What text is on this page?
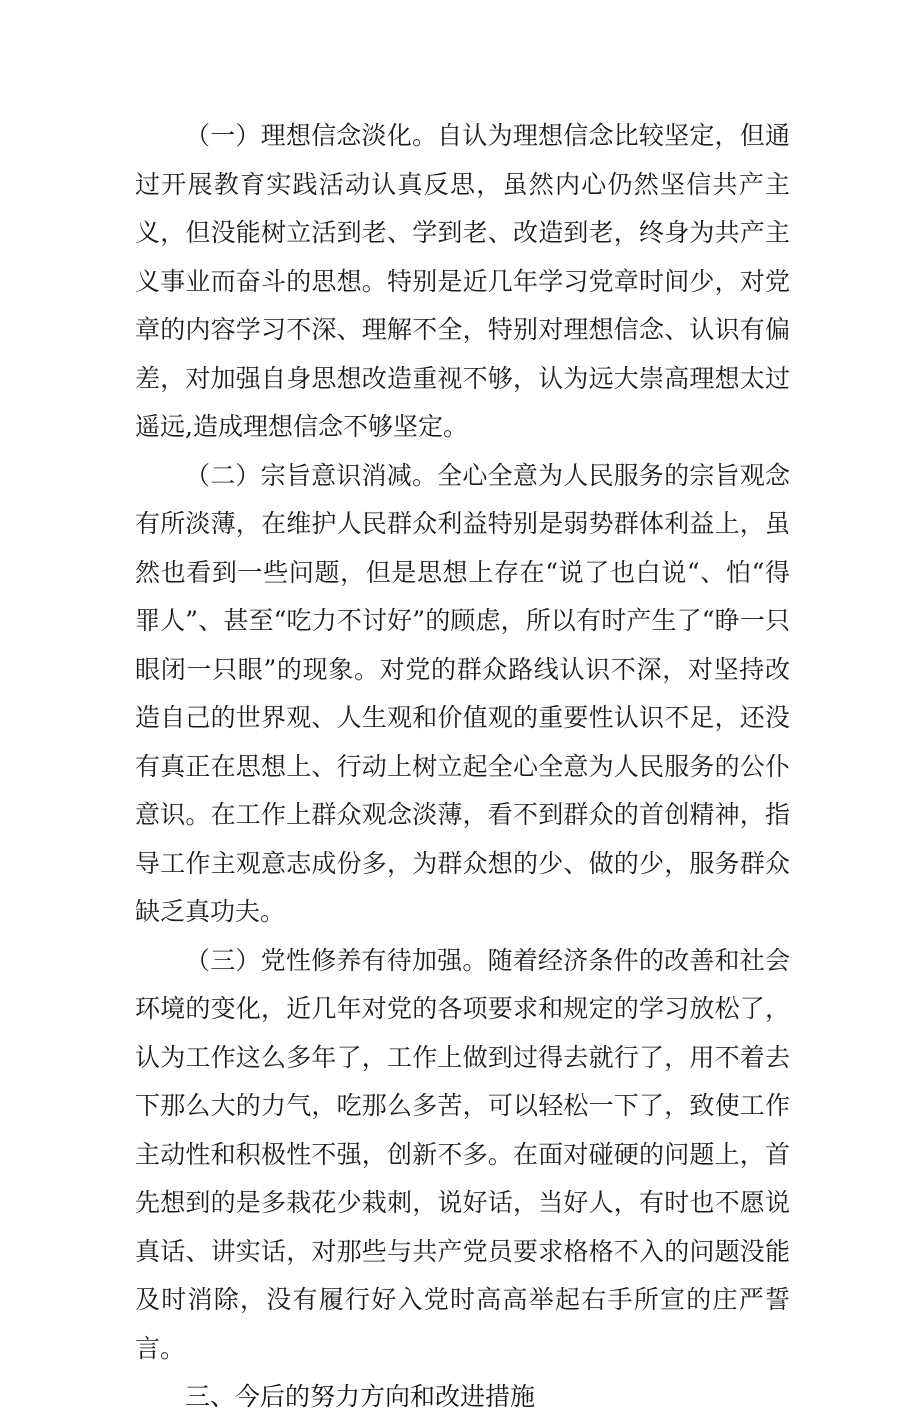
（一）理想信念淡化。自认为理想信念比较坚定，但通过开展教育实践活动认真反思，虽然内心仍然坚信共产主义，但没能树立活到老、学到老、改造到老，终身为共产主义事业而奋斗的思想。特别是近几年学习党章时间少，对党章的内容学习不深、理解不全，特别对理想信念、认识有偏差，对加强自身思想改造重视不够，认为远大崇高理想太过遥远,造成理想信念不够坚定。

（二）宗旨意识消减。全心全意为人民服务的宗旨观念有所淡薄，在维护人民群众利益特别是弱势群体利益上，虽然也看到一些问题，但是思想上存在“说了也白说“、怕“得罪人”、甚至“吃力不讨好”的顾虑，所以有时产生了“睁一只眼闭一只眼”的现象。对党的群众路线认识不深，对坚持改造自己的世界观、人生观和价值观的重要性认识不足，还没有真正在思想上、行动上树立起全心全意为人民服务的公仆意识。在工作上群众观念淡薄，看不到群众的首创精神，指导工作主观意志成份多，为群众想的少、做的少，服务群众缺乏真功夫。

（三）党性修养有待加强。随着经济条件的改善和社会环境的变化，近几年对党的各项要求和规定的学习放松了，认为工作这么多年了，工作上做到过得去就行了，用不着去下那么大的力气，吃那么多苦，可以轻松一下了，致使工作主动性和积极性不强，创新不多。在面对碰硬的问题上，首先想到的是多栽花少栽刺，说好话，当好人，有时也不愿说真话、讲实话，对那些与共产党员要求格格不入的问题没能及时消除，没有履行好入党时高高举起右手所宣的庄严誓言。

三、今后的努力方向和改进措施
